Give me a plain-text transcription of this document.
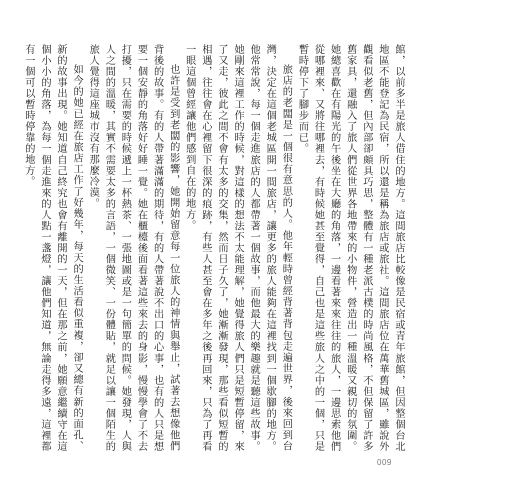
館，以前多半是旅人借住的地方。這間旅店比較像是民宿或青年旅館，但因整個台北地區不能登記為民宿，所以還是稱為旅店或旅社。這間旅店位在萬華舊城區，雖說外觀看似老舊，但內部卻頗具巧思，整體有一種老派古樸的時尚風格，不但保留了許多舊家具，還融入了旅人們從世界各地帶來的小物件，營造出一種溫暖又親切的氛圍。她總喜歡在有陽光的午後坐在大廳的角落，一邊看著來來往往的旅人，一邊思索他們從哪裡來、又將往哪裡去，有時候她甚至覺得，自己也是這些旅人之中的一個，只是暫時停下了腳步而已。

旅店的老闆是一個很有意思的人。他年輕時曾經背著背包走遍世界，後來回到台灣，決定在這個老城區開一間旅店，讓更多的旅人能夠在這裡找到一個歇腳的地方。他常常說，每一個走進旅店的人都帶著一個故事，而他最大的樂趣就是聽這些故事。她剛來這裡工作的時候，對這樣的想法不太能理解，她覺得旅人們只是短暫停留，來了又走，彼此之間不會有太多的交集，然而日子久了，她漸漸發現，那些看似短暫的相遇，往往會在心裡留下很深的痕跡，有些人甚至會在多年之後再回來，只為了再看一眼這個曾經讓他們感到自在的地方。

也許是受到老闆的影響，她開始留意每一位旅人的神情與舉止，試著去想像他們背後的故事。有的人帶著滿滿的期待，有的人帶著說不出口的心事，也有的人只是想要一個安靜的角落好好睡一覺。她在櫃檯後面看著這些來去的身影，慢慢學會了不去打擾，只在需要的時候遞上一杯熱茶、一張地圖或是一句簡單的問候。她發現，人與人之間的溫暖，其實不需要太多的言語，一個微笑、一份體貼，就足以讓一個陌生的旅人覺得這座城市沒有那麼冷漠。

如今的她已經在旅店工作了好幾年，每天的生活看似重複，卻又總有新的面孔、新的故事出現。她知道自己終究也會有離開的一天，但在那之前，她願意繼續守在這個小小的角落，為每一個走進來的人點一盞燈，讓他們知道，無論走得多遠，這裡都有一個可以暫時停靠的地方。

009
